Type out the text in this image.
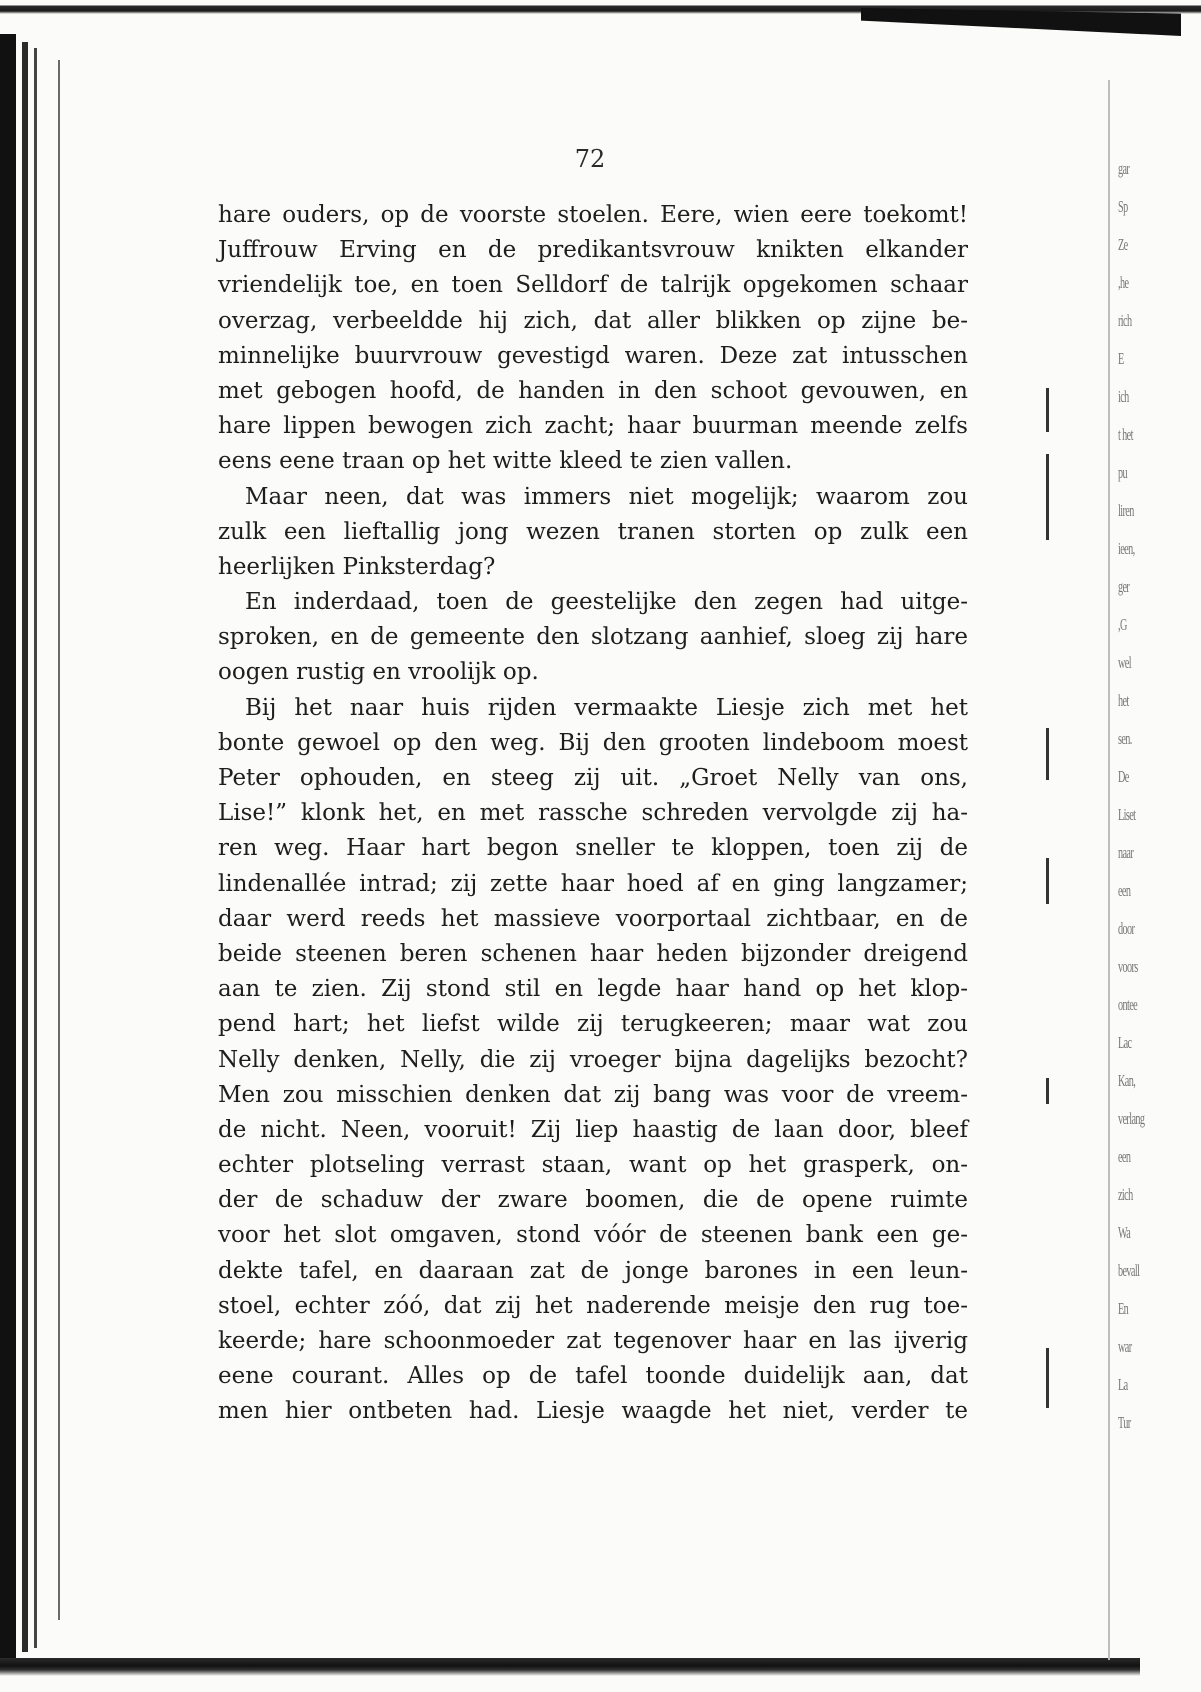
gar
Sp
Ze
,he
rich
E
ich
t het
pu
liren
ieen,
ger
,G
wel
het
sen.
De
Liset
naar
een
door
voors
ontee
Lac
Kan,
verlang
een
zich
Wa
bevall
En
war
La
Tur
72
hare ouders, op de voorste stoelen. Eere, wien eere toekomt!
Juffrouw Erving en de predikantsvrouw knikten elkander
vriendelijk toe, en toen Selldorf de talrijk opgekomen schaar
overzag, verbeeldde hij zich, dat aller blikken op zijne be-
minnelijke buurvrouw gevestigd waren. Deze zat intusschen
met gebogen hoofd, de handen in den schoot gevouwen, en
hare lippen bewogen zich zacht; haar buurman meende zelfs
eens eene traan op het witte kleed te zien vallen.
Maar neen, dat was immers niet mogelijk; waarom zou
zulk een lieftallig jong wezen tranen storten op zulk een
heerlijken Pinksterdag?
En inderdaad, toen de geestelijke den zegen had uitge-
sproken, en de gemeente den slotzang aanhief, sloeg zij hare
oogen rustig en vroolijk op.
Bij het naar huis rijden vermaakte Liesje zich met het
bonte gewoel op den weg. Bij den grooten lindeboom moest
Peter ophouden, en steeg zij uit. „Groet Nelly van ons,
Lise!” klonk het, en met rassche schreden vervolgde zij ha-
ren weg. Haar hart begon sneller te kloppen, toen zij de
lindenallée intrad; zij zette haar hoed af en ging langzamer;
daar werd reeds het massieve voorportaal zichtbaar, en de
beide steenen beren schenen haar heden bijzonder dreigend
aan te zien. Zij stond stil en legde haar hand op het klop-
pend hart; het liefst wilde zij terugkeeren; maar wat zou
Nelly denken, Nelly, die zij vroeger bijna dagelijks bezocht?
Men zou misschien denken dat zij bang was voor de vreem-
de nicht. Neen, vooruit! Zij liep haastig de laan door, bleef
echter plotseling verrast staan, want op het grasperk, on-
der de schaduw der zware boomen, die de opene ruimte
voor het slot omgaven, stond vóór de steenen bank een ge-
dekte tafel, en daaraan zat de jonge barones in een leun-
stoel, echter zóó, dat zij het naderende meisje den rug toe-
keerde; hare schoonmoeder zat tegenover haar en las ijverig
eene courant. Alles op de tafel toonde duidelijk aan, dat
men hier ontbeten had. Liesje waagde het niet, verder te
